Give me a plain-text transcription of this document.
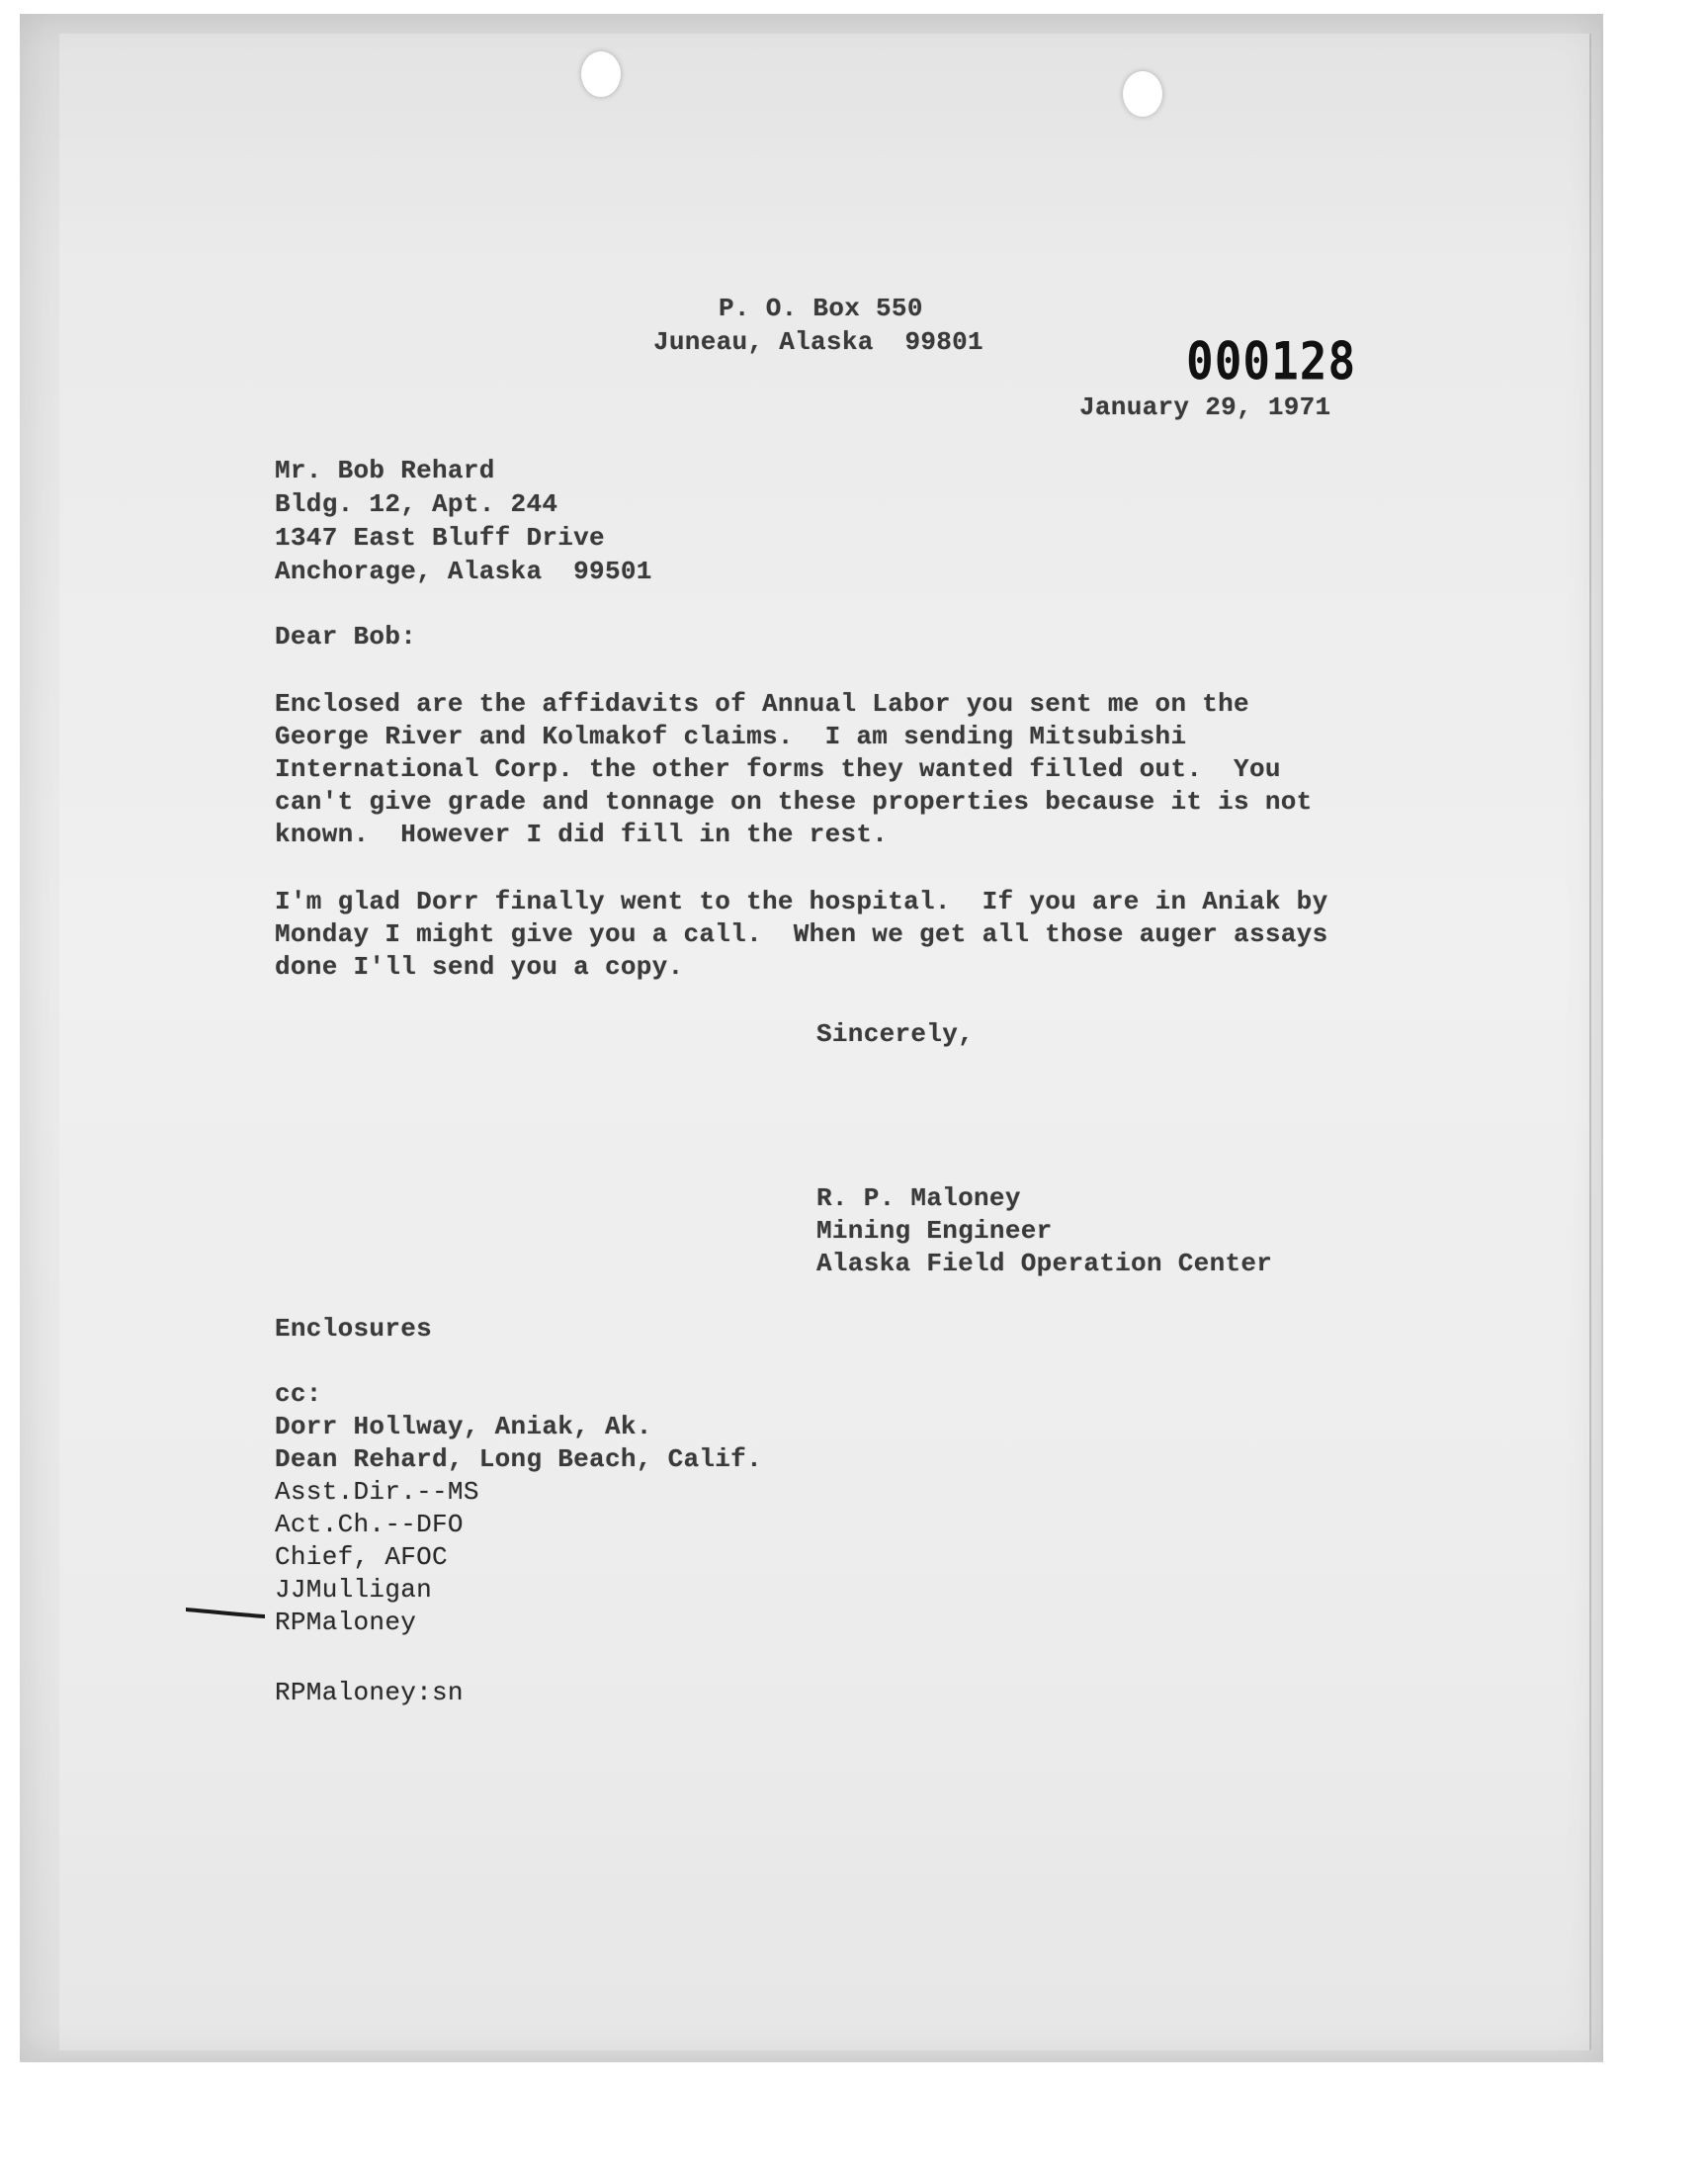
P. O. Box 550
Juneau, Alaska  99801	000128
January 29, 1971
Mr. Bob Rehard
Bldg. 12, Apt. 244
1347 East Bluff Drive
Anchorage, Alaska  99501
Dear Bob:
Enclosed are the affidavits of Annual Labor you sent me on the
George River and Kolmakof claims.  I am sending Mitsubishi
International Corp. the other forms they wanted filled out.  You
can't give grade and tonnage on these properties because it is not
known.  However I did fill in the rest.
I'm glad Dorr finally went to the hospital.  If you are in Aniak by
Monday I might give you a call.  When we get all those auger assays
done I'll send you a copy.
Sincerely,
R. P. Maloney
Mining Engineer
Alaska Field Operation Center
Enclosures
cc:
Dorr Hollway, Aniak, Ak.
Dean Rehard, Long Beach, Calif.
Asst.Dir.--MS
Act.Ch.--DFO
Chief, AFOC
JJMulligan
RPMaloney
RPMaloney:sn
